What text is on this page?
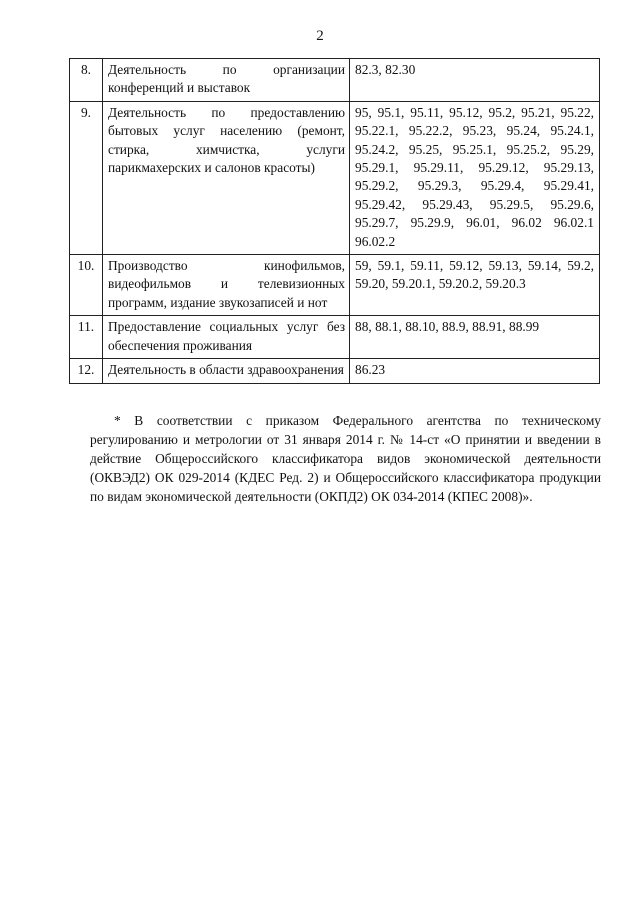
2
8.	Деятельность по организации конференций и выставок	82.3, 82.30
9.	Деятельность по предоставлению бытовых услуг населению (ремонт, стирка, химчистка, услуги парикмахерских и салонов красоты)	95, 95.1, 95.11, 95.12, 95.2, 95.21, 95.22, 95.22.1, 95.22.2, 95.23, 95.24, 95.24.1, 95.24.2, 95.25, 95.25.1, 95.25.2, 95.29, 95.29.1, 95.29.11, 95.29.12, 95.29.13, 95.29.2, 95.29.3, 95.29.4, 95.29.41, 95.29.42, 95.29.43, 95.29.5, 95.29.6, 95.29.7, 95.29.9, 96.01, 96.02 96.02.1 96.02.2
10.	Производство кинофильмов, видеофильмов и телевизионных программ, издание звукозаписей и нот	59, 59.1, 59.11, 59.12, 59.13, 59.14, 59.2, 59.20, 59.20.1, 59.20.2, 59.20.3
11.	Предоставление социальных услуг без обеспечения проживания	88, 88.1, 88.10, 88.9, 88.91, 88.99
12.	Деятельность в области здравоохранения	86.23

* В соответствии с приказом Федерального агентства по техническому регулированию и метрологии от 31 января 2014 г. № 14-ст «О принятии и введении в действие Общероссийского классификатора видов экономической деятельности (ОКВЭД2) ОК 029-2014 (КДЕС Ред. 2) и Общероссийского классификатора продукции по видам экономической деятельности (ОКПД2) ОК 034-2014 (КПЕС 2008)».
